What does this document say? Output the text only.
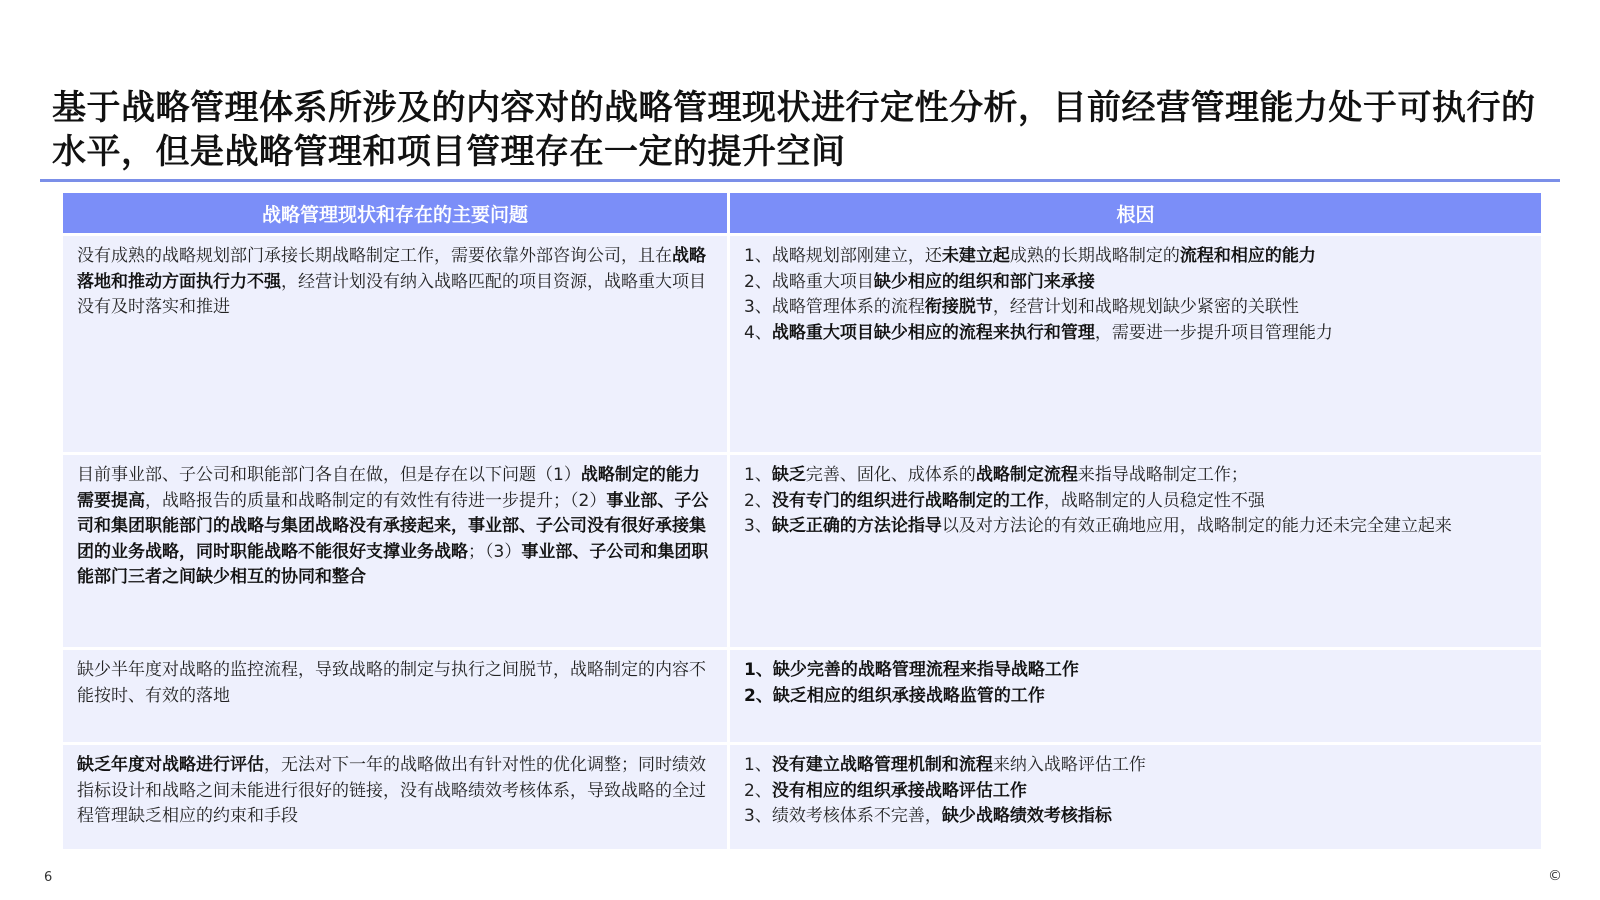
基于战略管理体系所涉及的内容对的战略管理现状进行定性分析，目前经营管理能力处于可执行的水平，但是战略管理和项目管理存在一定的提升空间
战略管理现状和存在的主要问题	根因
没有成熟的战略规划部门承接长期战略制定工作，需要依靠外部咨询公司，且在战略落地和推动方面执行力不强，经营计划没有纳入战略匹配的项目资源，战略重大项目没有及时落实和推进	1、战略规划部刚建立，还未建立起成熟的长期战略制定的流程和相应的能力
2、战略重大项目缺少相应的组织和部门来承接
3、战略管理体系的流程衔接脱节，经营计划和战略规划缺少紧密的关联性
4、战略重大项目缺少相应的流程来执行和管理，需要进一步提升项目管理能力

目前事业部、子公司和职能部门各自在做，但是存在以下问题（1）战略制定的能力需要提高，战略报告的质量和战略制定的有效性有待进一步提升；（2）事业部、子公司和集团职能部门的战略与集团战略没有承接起来，事业部、子公司没有很好承接集团的业务战略，同时职能战略不能很好支撑业务战略；（3）事业部、子公司和集团职能部门三者之间缺少相互的协同和整合	1、缺乏完善、固化、成体系的战略制定流程来指导战略制定工作；
2、没有专门的组织进行战略制定的工作，战略制定的人员稳定性不强
3、缺乏正确的方法论指导以及对方法论的有效正确地应用，战略制定的能力还未完全建立起来

缺少半年度对战略的监控流程，导致战略的制定与执行之间脱节，战略制定的内容不能按时、有效的落地	1、缺少完善的战略管理流程来指导战略工作
2、缺乏相应的组织承接战略监管的工作

缺乏年度对战略进行评估，无法对下一年的战略做出有针对性的优化调整；同时绩效指标设计和战略之间未能进行很好的链接，没有战略绩效考核体系，导致战略的全过程管理缺乏相应的约束和手段	1、没有建立战略管理机制和流程来纳入战略评估工作
2、没有相应的组织承接战略评估工作
3、绩效考核体系不完善，缺少战略绩效考核指标
6	©
